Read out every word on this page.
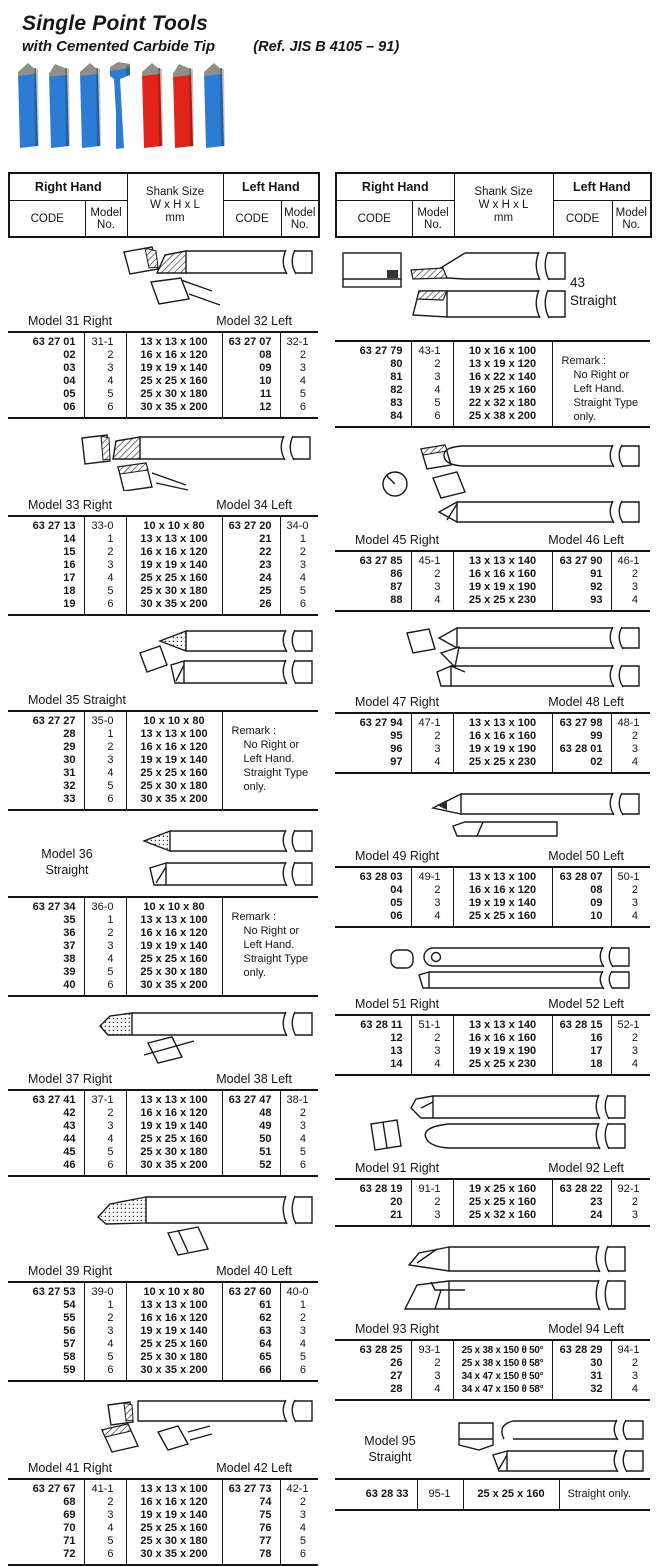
Single Point Tools
with Cemented Carbide Tip	(Ref. JIS B 4105 – 91)
Right Hand		Shank Size
W x H x L
mm	Left Hand	
CODE	Model No.		CODE	Model No.
Model 31 Right	Model 32 Left
63 27 01	31-1	13 x 13 x 100	63 27 07	32-1
02	2	16 x 16 x 120	08	2
03	3	19 x 19 x 140	09	3
04	4	25 x 25 x 160	10	4
05	5	25 x 30 x 180	11	5
06	6	30 x 35 x 200	12	6
Model 33 Right	Model 34 Left
63 27 13	33-0	10 x 10 x 80	63 27 20	34-0
14	1	13 x 13 x 100	21	1
15	2	16 x 16 x 120	22	2
16	3	19 x 19 x 140	23	3
17	4	25 x 25 x 160	24	4
18	5	25 x 30 x 180	25	5
19	6	30 x 35 x 200	26	6
Model 35 Straight
63 27 27	35-0	10 x 10 x 80	Remark :
No Right or
Left Hand.
Straight Type
only.

28	1	13 x 13 x 100	
29	2	16 x 16 x 120	
30	3	19 x 19 x 140	
31	4	25 x 25 x 160	
32	5	25 x 30 x 180	
33	6	30 x 35 x 200	
Model 36
Straight
63 27 34	36-0	10 x 10 x 80	Remark :
No Right or
Left Hand.
Straight Type
only.

35	1	13 x 13 x 100	
36	2	16 x 16 x 120	
37	3	19 x 19 x 140	
38	4	25 x 25 x 160	
39	5	25 x 30 x 180	
40	6	30 x 35 x 200	
Model 37 Right	Model 38 Left
63 27 41	37-1	13 x 13 x 100	63 27 47	38-1
42	2	16 x 16 x 120	48	2
43	3	19 x 19 x 140	49	3
44	4	25 x 25 x 160	50	4
45	5	25 x 30 x 180	51	5
46	6	30 x 35 x 200	52	6
Model 39 Right	Model 40 Left
63 27 53	39-0	10 x 10 x 80	63 27 60	40-0
54	1	13 x 13 x 100	61	1
55	2	16 x 16 x 120	62	2
56	3	19 x 19 x 140	63	3
57	4	25 x 25 x 160	64	4
58	5	25 x 30 x 180	65	5
59	6	30 x 35 x 200	66	6
Model 41 Right	Model 42 Left
63 27 67	41-1	13 x 13 x 100	63 27 73	42-1
68	2	16 x 16 x 120	74	2
69	3	19 x 19 x 140	75	3
70	4	25 x 25 x 160	76	4
71	5	25 x 30 x 180	77	5
72	6	30 x 35 x 200	78	6
Right Hand		Shank Size
W x H x L
mm	Left Hand	
CODE	Model No.		CODE	Model No.
43
Straight
63 27 79	43-1	10 x 16 x 100	Remark :
No Right or
Left Hand.
Straight Type
only.

80	2	13 x 19 x 120	
81	3	16 x 22 x 140	
82	4	19 x 25 x 160	
83	5	22 x 32 x 180	
84	6	25 x 38 x 200	
Model 45 Right	Model 46 Left
63 27 85	45-1	13 x 13 x 140	63 27 90	46-1
86	2	16 x 16 x 160	91	2
87	3	19 x 19 x 190	92	3
88	4	25 x 25 x 230	93	4
Model 47 Right	Model 48 Left
63 27 94	47-1	13 x 13 x 100	63 27 98	48-1
95	2	16 x 16 x 160	99	2
96	3	19 x 19 x 190	63 28 01	3
97	4	25 x 25 x 230	02	4
Model 49 Right	Model 50 Left
63 28 03	49-1	13 x 13 x 100	63 28 07	50-1
04	2	16 x 16 x 120	08	2
05	3	19 x 19 x 140	09	3
06	4	25 x 25 x 160	10	4
Model 51 Right	Model 52 Left
63 28 11	51-1	13 x 13 x 140	63 28 15	52-1
12	2	16 x 16 x 160	16	2
13	3	19 x 19 x 190	17	3
14	4	25 x 25 x 230	18	4
Model 91 Right	Model 92 Left
63 28 19	91-1	19 x 25 x 160	63 28 22	92-1
20	2	25 x 25 x 160	23	2
21	3	25 x 32 x 160	24	3
Model 93 Right	Model 94 Left
63 28 25	93-1	25 x 38 x 150 θ 50°	63 28 29	94-1
26	2	25 x 38 x 150 θ 58°	30	2
27	3	34 x 47 x 150 θ 50°	31	3
28	4	34 x 47 x 150 θ 58°	32	4
Model 95
Straight
63 28 33	95-1	25 x 25 x 160	Straight only.
